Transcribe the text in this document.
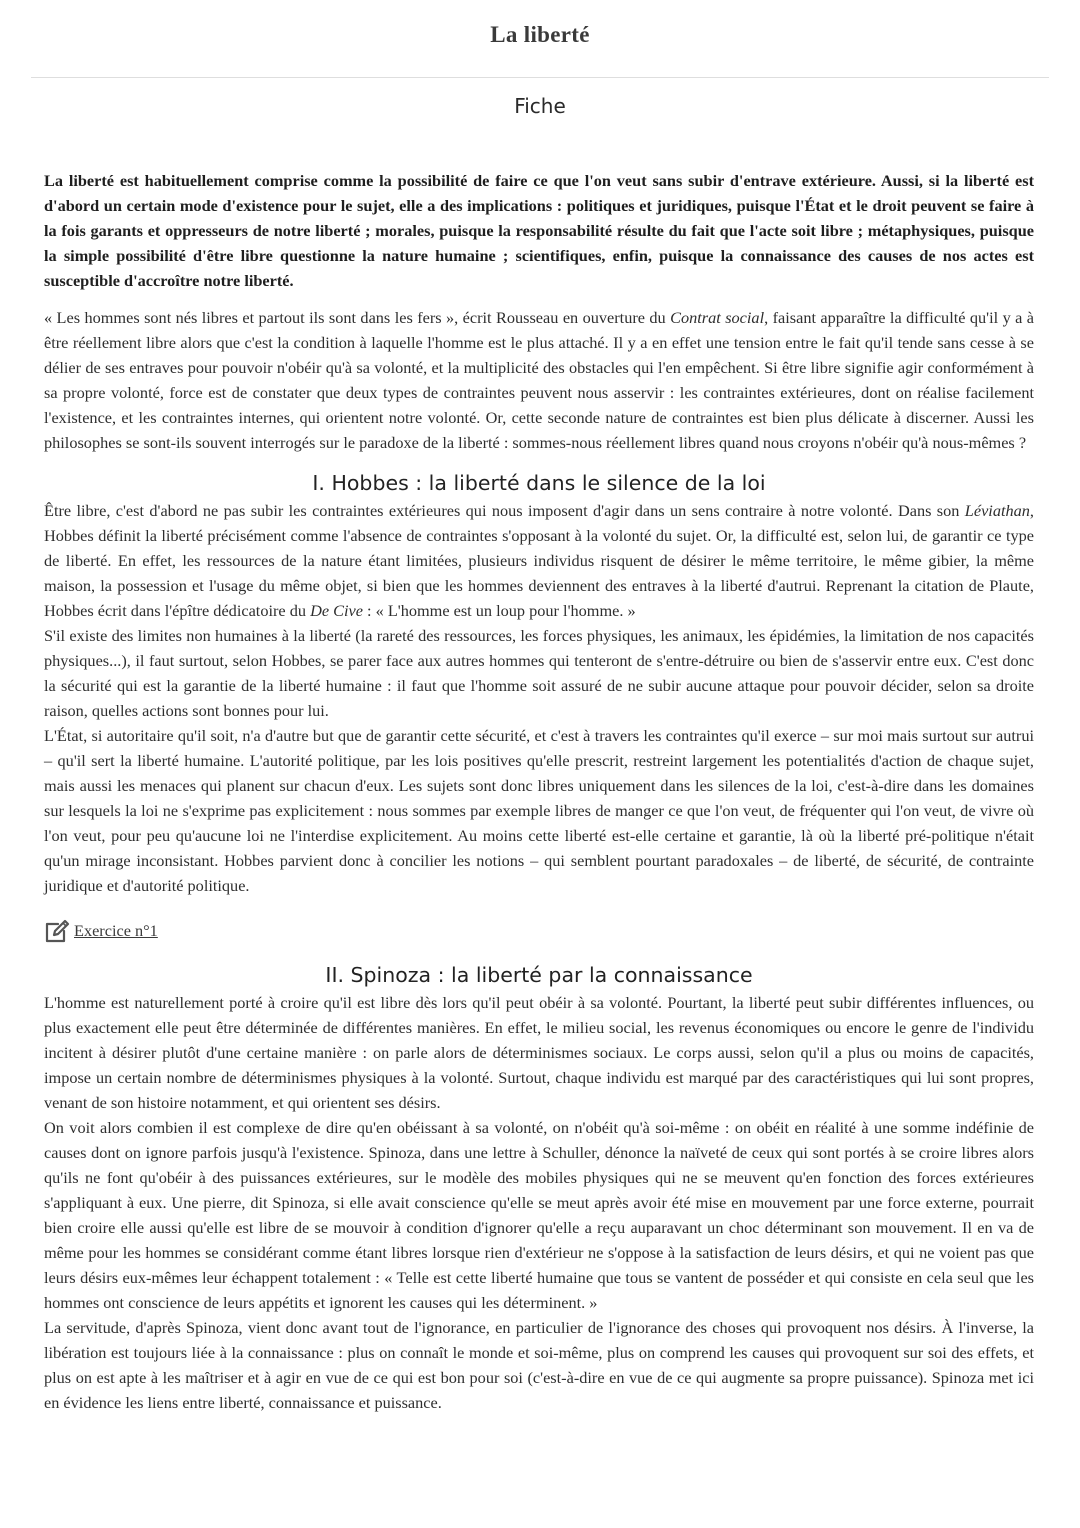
La liberté
Fiche

La liberté est habituellement comprise comme la possibilité de faire ce que l'on veut sans subir d'entrave extérieure. Aussi, si la liberté est d'abord un certain mode d'existence pour le sujet, elle a des implications : politiques et juridiques, puisque l'État et le droit peuvent se faire à la fois garants et oppresseurs de notre liberté ; morales, puisque la responsabilité résulte du fait que l'acte soit libre ; métaphysiques, puisque la simple possibilité d'être libre questionne la nature humaine ; scientifiques, enfin, puisque la connaissance des causes de nos actes est susceptible d'accroître notre liberté.

« Les hommes sont nés libres et partout ils sont dans les fers », écrit Rousseau en ouverture du Contrat social, faisant apparaître la difficulté qu'il y a à être réellement libre alors que c'est la condition à laquelle l'homme est le plus attaché. Il y a en effet une tension entre le fait qu'il tende sans cesse à se délier de ses entraves pour pouvoir n'obéir qu'à sa volonté, et la multiplicité des obstacles qui l'en empêchent. Si être libre signifie agir conformément à sa propre volonté, force est de constater que deux types de contraintes peuvent nous asservir : les contraintes extérieures, dont on réalise facilement l'existence, et les contraintes internes, qui orientent notre volonté. Or, cette seconde nature de contraintes est bien plus délicate à discerner. Aussi les philosophes se sont-ils souvent interrogés sur le paradoxe de la liberté : sommes-nous réellement libres quand nous croyons n'obéir qu'à nous-mêmes ?

I. Hobbes : la liberté dans le silence de la loi

Être libre, c'est d'abord ne pas subir les contraintes extérieures qui nous imposent d'agir dans un sens contraire à notre volonté. Dans son Léviathan, Hobbes définit la liberté précisément comme l'absence de contraintes s'opposant à la volonté du sujet. Or, la difficulté est, selon lui, de garantir ce type de liberté. En effet, les ressources de la nature étant limitées, plusieurs individus risquent de désirer le même territoire, le même gibier, la même maison, la possession et l'usage du même objet, si bien que les hommes deviennent des entraves à la liberté d'autrui. Reprenant la citation de Plaute, Hobbes écrit dans l'épître dédicatoire du De Cive : « L'homme est un loup pour l'homme. »

S'il existe des limites non humaines à la liberté (la rareté des ressources, les forces physiques, les animaux, les épidémies, la limitation de nos capacités physiques...), il faut surtout, selon Hobbes, se parer face aux autres hommes qui tenteront de s'entre-détruire ou bien de s'asservir entre eux. C'est donc la sécurité qui est la garantie de la liberté humaine : il faut que l'homme soit assuré de ne subir aucune attaque pour pouvoir décider, selon sa droite raison, quelles actions sont bonnes pour lui.

L'État, si autoritaire qu'il soit, n'a d'autre but que de garantir cette sécurité, et c'est à travers les contraintes qu'il exerce – sur moi mais surtout sur autrui – qu'il sert la liberté humaine. L'autorité politique, par les lois positives qu'elle prescrit, restreint largement les potentialités d'action de chaque sujet, mais aussi les menaces qui planent sur chacun d'eux. Les sujets sont donc libres uniquement dans les silences de la loi, c'est-à-dire dans les domaines sur lesquels la loi ne s'exprime pas explicitement : nous sommes par exemple libres de manger ce que l'on veut, de fréquenter qui l'on veut, de vivre où l'on veut, pour peu qu'aucune loi ne l'interdise explicitement. Au moins cette liberté est-elle certaine et garantie, là où la liberté pré-politique n'était qu'un mirage inconsistant. Hobbes parvient donc à concilier les notions – qui semblent pourtant paradoxales – de liberté, de sécurité, de contrainte juridique et d'autorité politique.

Exercice n°1
II. Spinoza : la liberté par la connaissance

L'homme est naturellement porté à croire qu'il est libre dès lors qu'il peut obéir à sa volonté. Pourtant, la liberté peut subir différentes influences, ou plus exactement elle peut être déterminée de différentes manières. En effet, le milieu social, les revenus économiques ou encore le genre de l'individu incitent à désirer plutôt d'une certaine manière : on parle alors de déterminismes sociaux. Le corps aussi, selon qu'il a plus ou moins de capacités, impose un certain nombre de déterminismes physiques à la volonté. Surtout, chaque individu est marqué par des caractéristiques qui lui sont propres, venant de son histoire notamment, et qui orientent ses désirs.

On voit alors combien il est complexe de dire qu'en obéissant à sa volonté, on n'obéit qu'à soi-même : on obéit en réalité à une somme indéfinie de causes dont on ignore parfois jusqu'à l'existence. Spinoza, dans une lettre à Schuller, dénonce la naïveté de ceux qui sont portés à se croire libres alors qu'ils ne font qu'obéir à des puissances extérieures, sur le modèle des mobiles physiques qui ne se meuvent qu'en fonction des forces extérieures s'appliquant à eux. Une pierre, dit Spinoza, si elle avait conscience qu'elle se meut après avoir été mise en mouvement par une force externe, pourrait bien croire elle aussi qu'elle est libre de se mouvoir à condition d'ignorer qu'elle a reçu auparavant un choc déterminant son mouvement. Il en va de même pour les hommes se considérant comme étant libres lorsque rien d'extérieur ne s'oppose à la satisfaction de leurs désirs, et qui ne voient pas que leurs désirs eux-mêmes leur échappent totalement : « Telle est cette liberté humaine que tous se vantent de posséder et qui consiste en cela seul que les hommes ont conscience de leurs appétits et ignorent les causes qui les déterminent. »

La servitude, d'après Spinoza, vient donc avant tout de l'ignorance, en particulier de l'ignorance des choses qui provoquent nos désirs. À l'inverse, la libération est toujours liée à la connaissance : plus on connaît le monde et soi-même, plus on comprend les causes qui provoquent sur soi des effets, et plus on est apte à les maîtriser et à agir en vue de ce qui est bon pour soi (c'est-à-dire en vue de ce qui augmente sa propre puissance). Spinoza met ici en évidence les liens entre liberté, connaissance et puissance.
